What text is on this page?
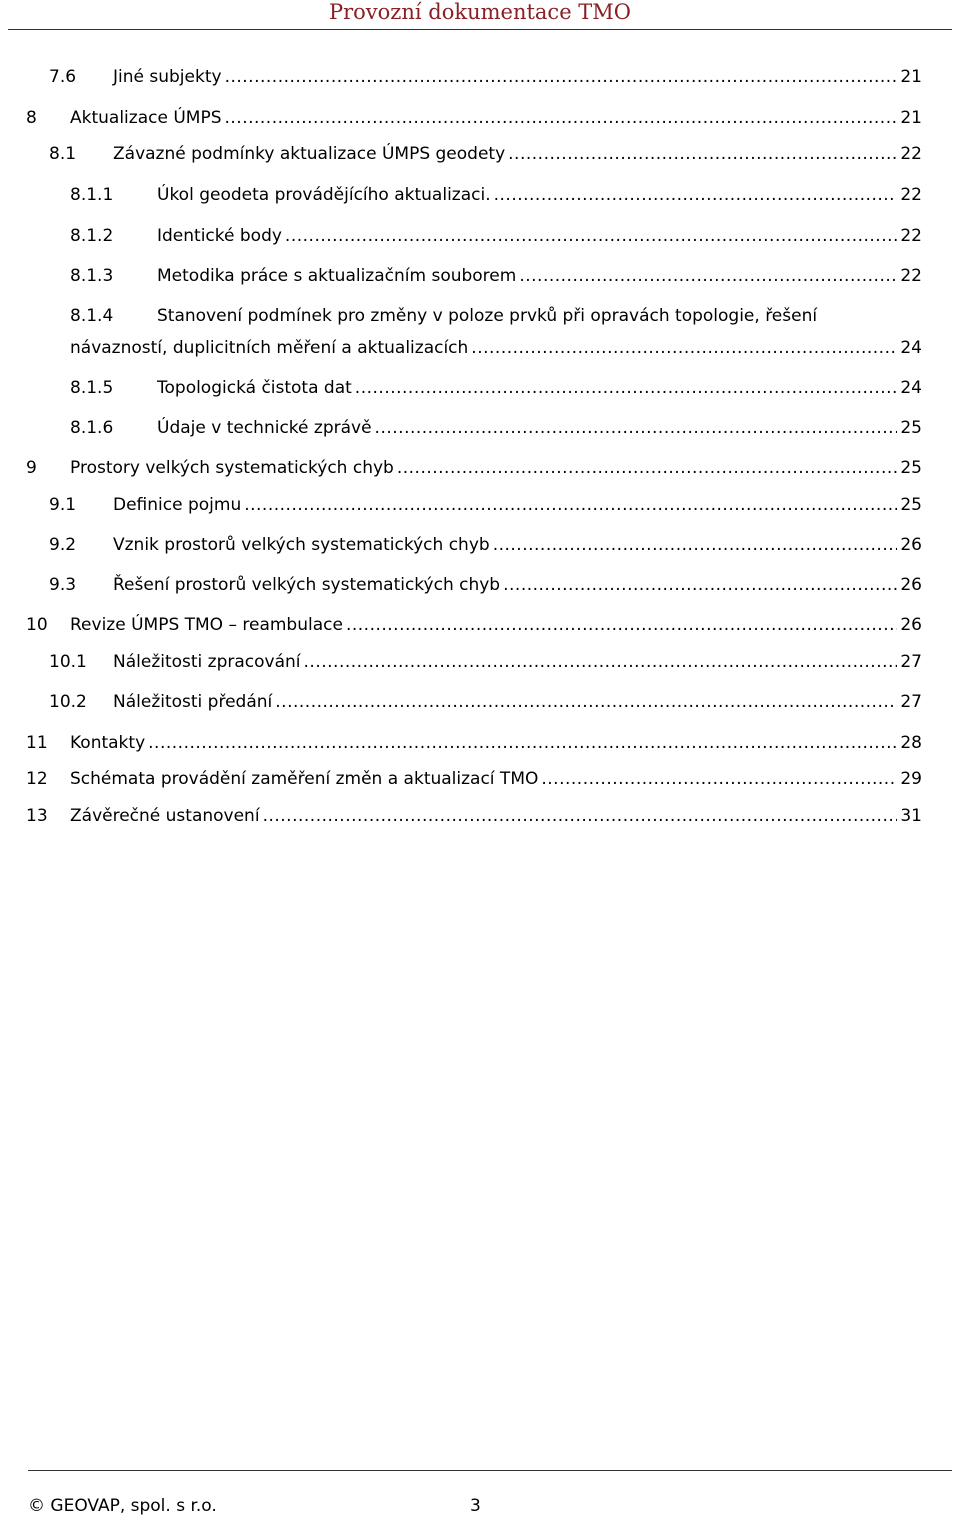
Provozní dokumentace TMO
7.6	Jiné subjekty .....	21
8	Aktualizace ÚMPS .....	21
8.1	Závazné podmínky aktualizace ÚMPS geodety .....	22
8.1.1	Úkol geodeta provádějícího aktualizaci. .....	22
8.1.2	Identické body .....	22
8.1.3	Metodika práce s aktualizačním souborem .....	22
8.1.4	Stanovení podmínek pro změny v poloze prvků při opravách topologie, řešení
návazností, duplicitních měření a aktualizacích .....	24
8.1.5	Topologická čistota dat .....	24
8.1.6	Údaje v technické zprávě .....	25
9	Prostory velkých systematických chyb .....	25
9.1	Definice pojmu .....	25
9.2	Vznik prostorů velkých systematických chyb .....	26
9.3	Řešení prostorů velkých systematických chyb .....	26
10	Revize ÚMPS TMO – reambulace .....	26
10.1	Náležitosti zpracování .....	27
10.2	Náležitosti předání .....	27
11	Kontakty .....	28
12	Schémata provádění zaměření změn a aktualizací TMO .....	29
13	Závěrečné ustanovení .....	31
© GEOVAP, spol. s r.o.	3
